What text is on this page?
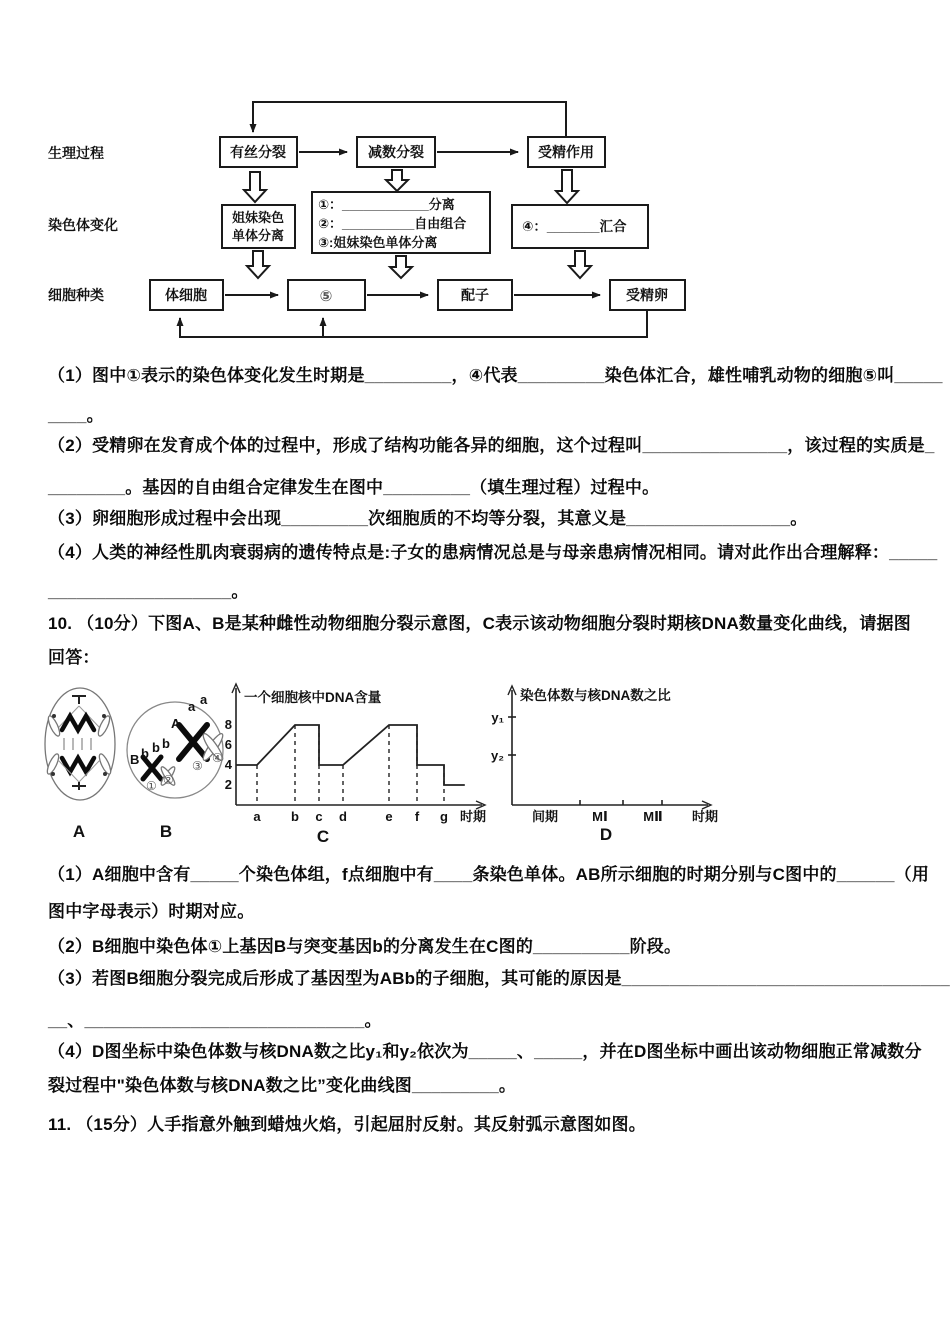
生理过程
染色体变化
细胞种类
有丝分裂	减数分裂	受精作用
姐妹染色
单体分离
①：____________分离
②：__________自由组合
③:姐妹染色单体分离
④：_______汇合
体细胞	⑤	配子	受精卵
（1）图中①表示的染色体变化发生时期是_________，④代表_________染色体汇合，雄性哺乳动物的细胞⑤叫_____
____。
（2）受精卵在发育成个体的过程中，形成了结构功能各异的细胞，这个过程叫_______________，该过程的实质是_
________。基因的自由组合定律发生在图中_________（填生理过程）过程中。
（3）卵细胞形成过程中会出现_________次细胞质的不均等分裂，其意义是_________________。
（4）人类的神经性肌肉衰弱病的遗传特点是:子女的患病情况总是与母亲患病情况相同。请对此作出合理解释：_____
___________________。
10. （10分）下图A、B是某种雌性动物细胞分裂示意图，C表示该动物细胞分裂时期核DNA数量变化曲线，请据图
回答：
A
A
a a
B b b b
① ②
③
④
B
一个细胞核中DNA含量
8
6
4
2
a b c d	e f g 时期
C
染色体数与核DNA数之比
y₁
y₂
间期	MⅠ	MⅡ 时期
D
（1）A细胞中含有_____个染色体组，f点细胞中有____条染色单体。AB所示细胞的时期分别与C图中的______（用
图中字母表示）时期对应。
（2）B细胞中染色体①上基因B与突变基因b的分离发生在C图的__________阶段。
（3）若图B细胞分裂完成后形成了基因型为ABb的子细胞，其可能的原因是__________________________________
__、_____________________________。
（4）D图坐标中染色体数与核DNA数之比y₁和y₂依次为_____、_____，并在D图坐标中画出该动物细胞正常减数分
裂过程中"染色体数与核DNA数之比”变化曲线图_________。
11. （15分）人手指意外触到蜡烛火焰，引起屈肘反射。其反射弧示意图如图。
